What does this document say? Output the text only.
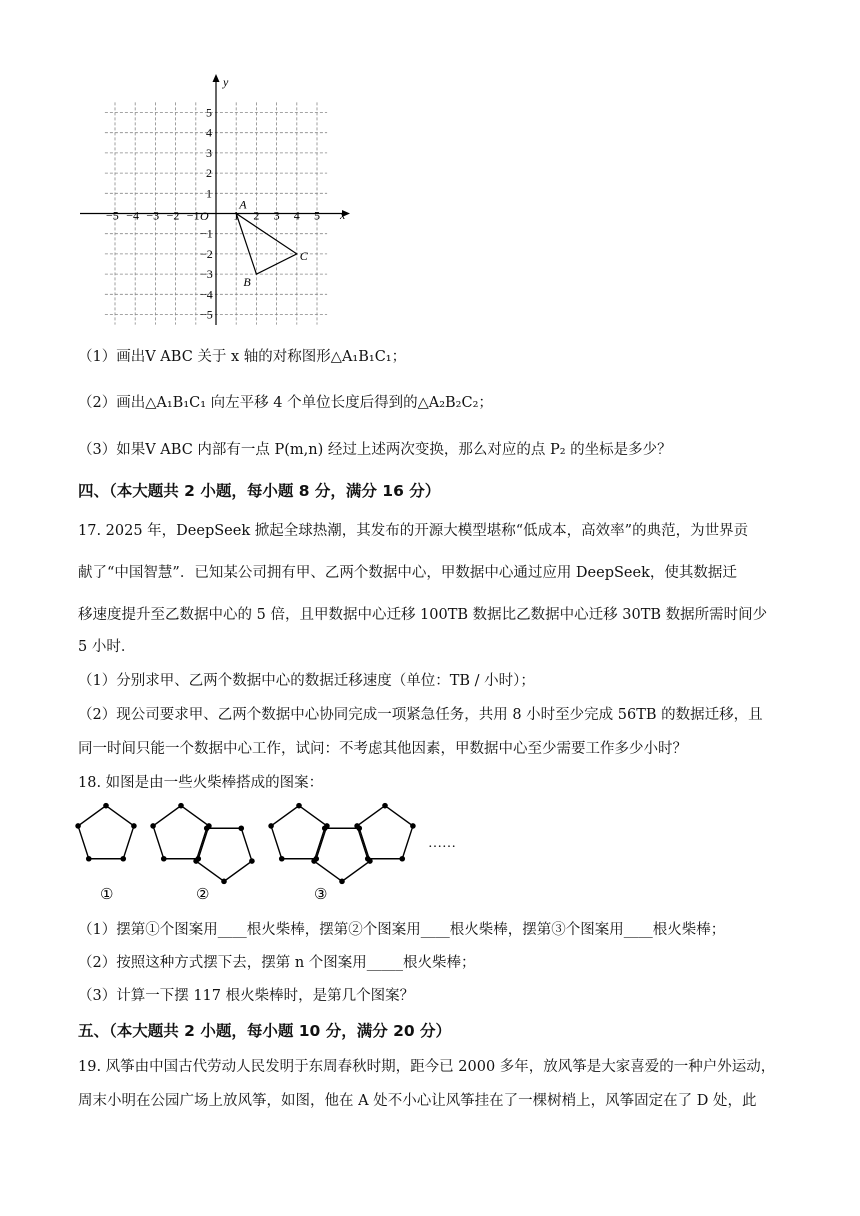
x
y
O
−5 −4 −3 −2 −1	1 2 3 4 5
5
4
3
2
1
−1
−2
−3
−4
−5
A
B
C
（1）画出V ABC 关于 x 轴的对称图形△A₁B₁C₁；
（2）画出△A₁B₁C₁ 向左平移 4 个单位长度后得到的△A₂B₂C₂；
（3）如果V ABC 内部有一点 P(m,n) 经过上述两次变换，那么对应的点 P₂ 的坐标是多少？
四、（本大题共 2 小题，每小题 8 分，满分 16 分）
17. 2025 年，DeepSeek 掀起全球热潮，其发布的开源大模型堪称“低成本，高效率”的典范，为世界贡
献了“中国智慧”．已知某公司拥有甲、乙两个数据中心，甲数据中心通过应用 DeepSeek，使其数据迁
移速度提升至乙数据中心的 5 倍，且甲数据中心迁移 100TB 数据比乙数据中心迁移 30TB 数据所需时间少
5 小时．
（1）分别求甲、乙两个数据中心的数据迁移速度（单位：TB / 小时）；
（2）现公司要求甲、乙两个数据中心协同完成一项紧急任务，共用 8 小时至少完成 56TB 的数据迁移，且
同一时间只能一个数据中心工作，试问：不考虑其他因素，甲数据中心至少需要工作多少小时？
18. 如图是由一些火柴棒搭成的图案：
①	②	③
……
（1）摆第①个图案用____根火柴棒，摆第②个图案用____根火柴棒，摆第③个图案用____根火柴棒；
（2）按照这种方式摆下去，摆第 n 个图案用_____根火柴棒；
（3）计算一下摆 117 根火柴棒时，是第几个图案？
五、（本大题共 2 小题，每小题 10 分，满分 20 分）
19. 风筝由中国古代劳动人民发明于东周春秋时期，距今已 2000 多年，放风筝是大家喜爱的一种户外运动，
周末小明在公园广场上放风筝，如图，他在 A 处不小心让风筝挂在了一棵树梢上，风筝固定在了 D 处，此
